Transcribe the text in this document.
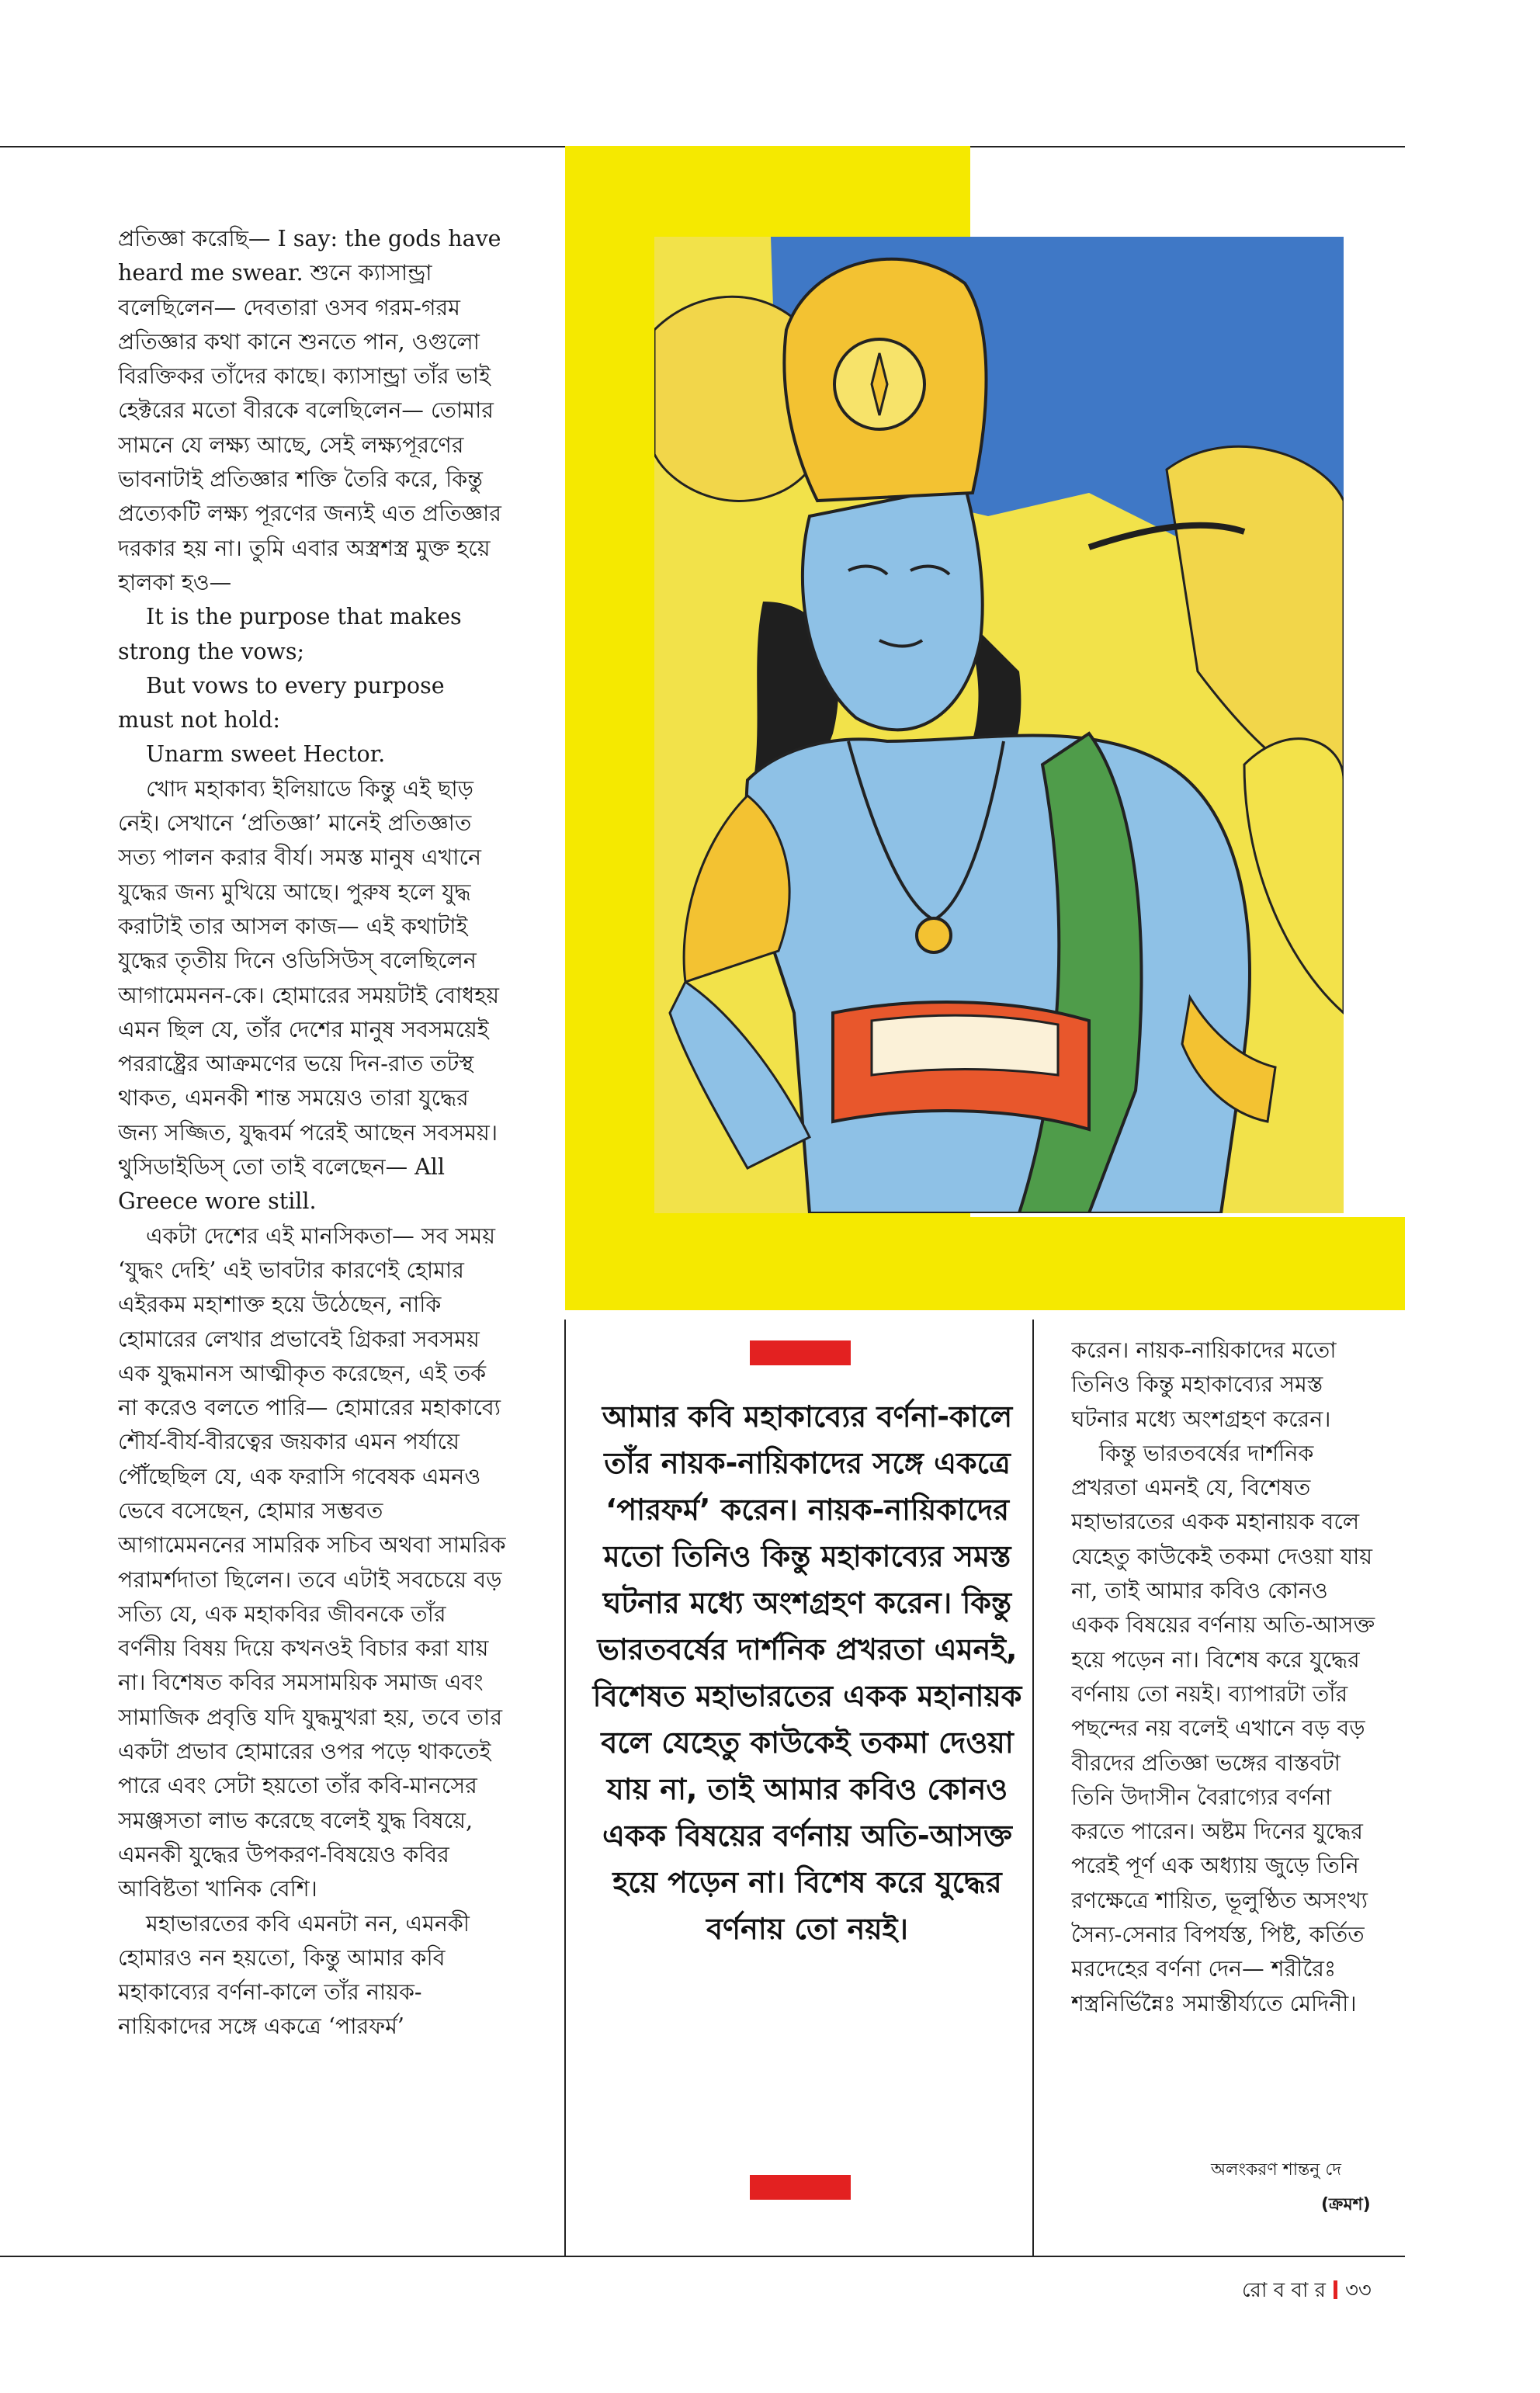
প্রতিজ্ঞা করেছি— I say: the gods have heard me swear. শুনে ক্যাসান্ড্রা বলেছিলেন— দেবতারা ওসব গরম-গরম প্রতিজ্ঞার কথা কানে শুনতে পান, ওগুলো বিরক্তিকর তাঁদের কাছে। ক্যাসান্ড্রা তাঁর ভাই হেক্টরের মতো বীরকে বলেছিলেন— তোমার সামনে যে লক্ষ্য আছে, সেই লক্ষ্যপূরণের ভাবনাটাই প্রতিজ্ঞার শক্তি তৈরি করে, কিন্তু প্রত্যেকটি লক্ষ্য পূরণের জন্যই এত প্রতিজ্ঞার দরকার হয় না। তুমি এবার অস্ত্রশস্ত্র মুক্ত হয়ে হালকা হও—

It is the purpose that makes strong the vows;

But vows to every purpose must not hold:

Unarm sweet Hector.

খোদ মহাকাব্য ইলিয়াডে কিন্তু এই ছাড় নেই। সেখানে ‘প্রতিজ্ঞা’ মানেই প্রতিজ্ঞাত সত্য পালন করার বীর্য। সমস্ত মানুষ এখানে যুদ্ধের জন্য মুখিয়ে আছে। পুরুষ হলে যুদ্ধ করাটাই তার আসল কাজ— এই কথাটাই যুদ্ধের তৃতীয় দিনে ওডিসিউস্ বলেছিলেন আগামেমনন-কে। হোমারের সময়টাই বোধহয় এমন ছিল যে, তাঁর দেশের মানুষ সবসময়েই পররাষ্ট্রের আক্রমণের ভয়ে দিন-রাত তটস্থ থাকত, এমনকী শান্ত সময়েও তারা যুদ্ধের জন্য সজ্জিত, যুদ্ধবর্ম পরেই আছেন সবসময়। থুসিডাইডিস্ তো তাই বলেছেন— All Greece wore still.

একটা দেশের এই মানসিকতা— সব সময় ‘যুদ্ধং দেহি’ এই ভাবটার কারণেই হোমার এইরকম মহাশাক্ত হয়ে উঠেছেন, নাকি হোমারের লেখার প্রভাবেই গ্রিকরা সবসময় এক যুদ্ধমানস আত্মীকৃত করেছেন, এই তর্ক না করেও বলতে পারি— হোমারের মহাকাব্যে শৌর্য-বীর্য-বীরত্বের জয়কার এমন পর্যায়ে পৌঁছেছিল যে, এক ফরাসি গবেষক এমনও ভেবে বসেছেন, হোমার সম্ভবত আগামেমননের সামরিক সচিব অথবা সামরিক পরামর্শদাতা ছিলেন। তবে এটাই সবচেয়ে বড় সত্যি যে, এক মহাকবির জীবনকে তাঁর বর্ণনীয় বিষয় দিয়ে কখনওই বিচার করা যায় না। বিশেষত কবির সমসাময়িক সমাজ এবং সামাজিক প্রবৃত্তি যদি যুদ্ধমুখরা হয়, তবে তার একটা প্রভাব হোমারের ওপর পড়ে থাকতেই পারে এবং সেটা হয়তো তাঁর কবি-মানসের সমঞ্জসতা লাভ করেছে বলেই যুদ্ধ বিষয়ে, এমনকী যুদ্ধের উপকরণ-বিষয়েও কবির আবিষ্টতা খানিক বেশি।

মহাভারতের কবি এমনটা নন, এমনকী হোমারও নন হয়তো, কিন্তু আমার কবি মহাকাব্যের বর্ণনা-কালে তাঁর নায়ক-নায়িকাদের সঙ্গে একত্রে ‘পারফর্ম’

আমার কবি মহাকাব্যের বর্ণনা-কালে তাঁর নায়ক-নায়িকাদের সঙ্গে একত্রে ‘পারফর্ম’ করেন। নায়ক-নায়িকাদের মতো তিনিও কিন্তু মহাকাব্যের সমস্ত ঘটনার মধ্যে অংশগ্রহণ করেন। কিন্তু ভারতবর্ষের দার্শনিক প্রখরতা এমনই, বিশেষত মহাভারতের একক মহানায়ক বলে যেহেতু কাউকেই তকমা দেওয়া যায় না, তাই আমার কবিও কোনও একক বিষয়ের বর্ণনায় অতি-আসক্ত হয়ে পড়েন না। বিশেষ করে যুদ্ধের বর্ণনায় তো নয়ই।

করেন। নায়ক-নায়িকাদের মতো তিনিও কিন্তু মহাকাব্যের সমস্ত ঘটনার মধ্যে অংশগ্রহণ করেন।

কিন্তু ভারতবর্ষের দার্শনিক প্রখরতা এমনই যে, বিশেষত মহাভারতের একক মহানায়ক বলে যেহেতু কাউকেই তকমা দেওয়া যায় না, তাই আমার কবিও কোনও একক বিষয়ের বর্ণনায় অতি-আসক্ত হয়ে পড়েন না। বিশেষ করে যুদ্ধের বর্ণনায় তো নয়ই। ব্যাপারটা তাঁর পছন্দের নয় বলেই এখানে বড় বড় বীরদের প্রতিজ্ঞা ভঙ্গের বাস্তবটা তিনি উদাসীন বৈরাগ্যের বর্ণনা করতে পারেন। অষ্টম দিনের যুদ্ধের পরেই পূর্ণ এক অধ্যায় জুড়ে তিনি রণক্ষেত্রে শায়িত, ভূলুণ্ঠিত অসংখ্য সৈন্য-সেনার বিপর্যস্ত, পিষ্ট, কর্তিত মরদেহের বর্ণনা দেন— শরীরৈঃ শস্ত্রনির্ভিন্নৈঃ সমাস্তীর্য্যতে মেদিনী।

অলংকরণ শান্তনু দে
(ক্রমশ)
রো ব বা র ৩৩
